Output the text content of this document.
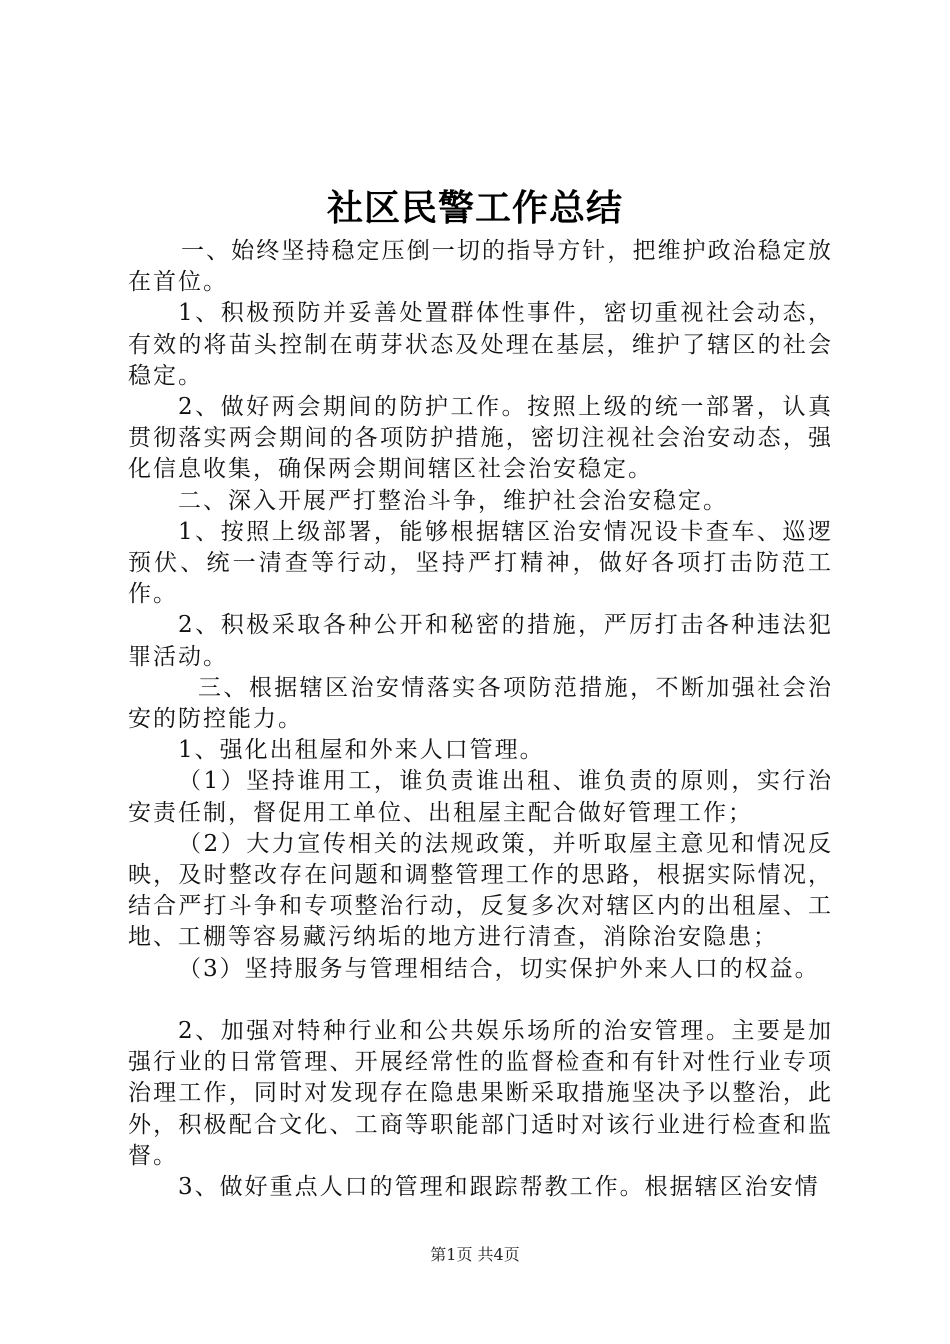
社区民警工作总结

一、始终坚持稳定压倒一切的指导方针，把维护政治稳定放在首位。

1、积极预防并妥善处置群体性事件，密切重视社会动态，有效的将苗头控制在萌芽状态及处理在基层，维护了辖区的社会稳定。

2、做好两会期间的防护工作。按照上级的统一部署，认真贯彻落实两会期间的各项防护措施，密切注视社会治安动态，强化信息收集，确保两会期间辖区社会治安稳定。

二、深入开展严打整治斗争，维护社会治安稳定。

1、按照上级部署，能够根据辖区治安情况设卡查车、巡逻预伏、统一清查等行动，坚持严打精神，做好各项打击防范工作。

2、积极采取各种公开和秘密的措施，严厉打击各种违法犯罪活动。

三、根据辖区治安情落实各项防范措施，不断加强社会治安的防控能力。

1、强化出租屋和外来人口管理。

（1）坚持谁用工，谁负责谁出租、谁负责的原则，实行治安责任制，督促用工单位、出租屋主配合做好管理工作；

（2）大力宣传相关的法规政策，并听取屋主意见和情况反映，及时整改存在问题和调整管理工作的思路，根据实际情况，结合严打斗争和专项整治行动，反复多次对辖区内的出租屋、工地、工棚等容易藏污纳垢的地方进行清查，消除治安隐患；

（3）坚持服务与管理相结合，切实保护外来人口的权益。

2、加强对特种行业和公共娱乐场所的治安管理。主要是加强行业的日常管理、开展经常性的监督检查和有针对性行业专项治理工作，同时对发现存在隐患果断采取措施坚决予以整治，此外，积极配合文化、工商等职能部门适时对该行业进行检查和监督。

3、做好重点人口的管理和跟踪帮教工作。根据辖区治安情

第1页 共4页
